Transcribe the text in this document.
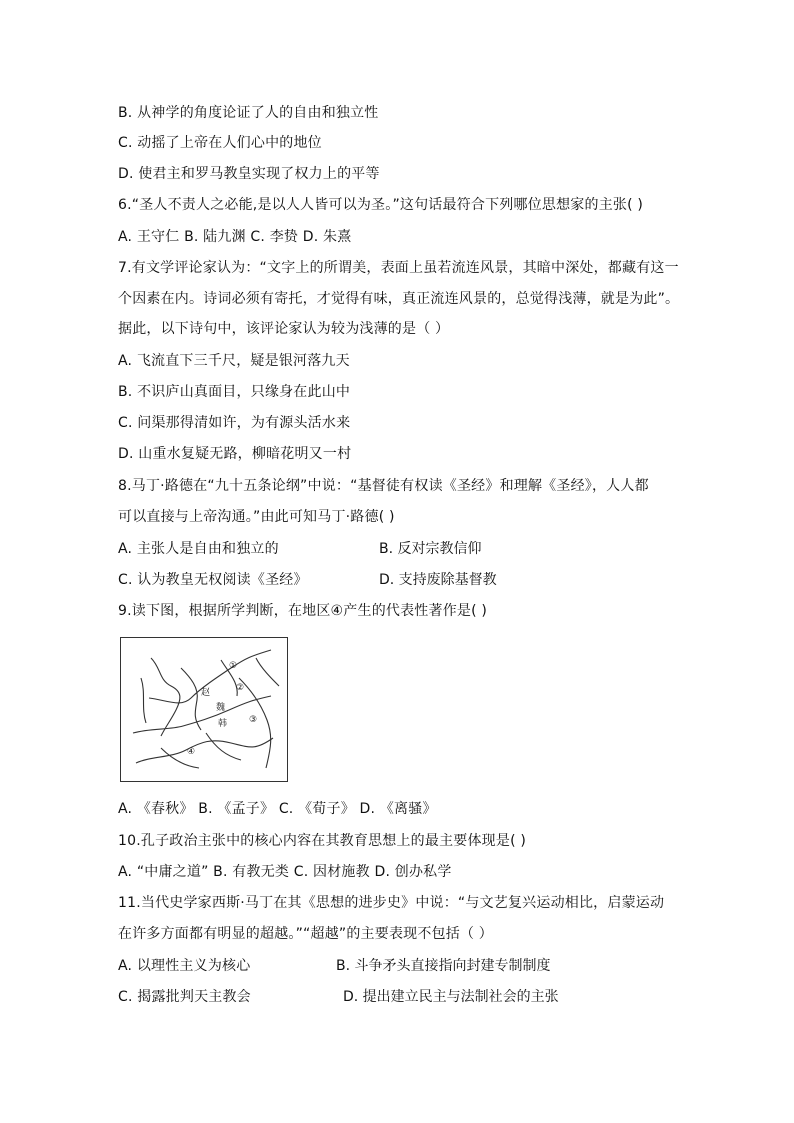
B. 从神学的角度论证了人的自由和独立性
C. 动摇了上帝在人们心中的地位
D. 使君主和罗马教皇实现了权力上的平等
6.“圣人不责人之必能,是以人人皆可以为圣。”这句话最符合下列哪位思想家的主张( )
A. 王守仁 B. 陆九渊 C. 李贽 D. 朱熹
7.有文学评论家认为：“文字上的所谓美，表面上虽若流连风景，其暗中深处，都藏有这一
个因素在内。诗词必须有寄托，才觉得有味，真正流连风景的，总觉得浅薄，就是为此”。
据此，以下诗句中，该评论家认为较为浅薄的是（ ）
A. 飞流直下三千尺，疑是银河落九天
B. 不识庐山真面目，只缘身在此山中
C. 问渠那得清如许，为有源头活水来
D. 山重水复疑无路，柳暗花明又一村
8.马丁·路德在“九十五条论纲”中说：“基督徒有权读《圣经》和理解《圣经》，人人都
可以直接与上帝沟通。”由此可知马丁·路德( )
A. 主张人是自由和独立的	B. 反对宗教信仰
C. 认为教皇无权阅读《圣经》	D. 支持废除基督教
9.读下图，根据所学判断，在地区④产生的代表性著作是( )
赵
魏
韩
①
②
③
④
A. 《春秋》 B. 《孟子》 C. 《荀子》 D. 《离骚》
10.孔子政治主张中的核心内容在其教育思想上的最主要体现是( )
A. “中庸之道” B. 有教无类 C. 因材施教 D. 创办私学
11.当代史学家西斯·马丁在其《思想的进步史》中说：“与文艺复兴运动相比，启蒙运动
在许多方面都有明显的超越。”“超越”的主要表现不包括（ ）
A. 以理性主义为核心	B. 斗争矛头直接指向封建专制制度
C. 揭露批判天主教会	D. 提出建立民主与法制社会的主张
